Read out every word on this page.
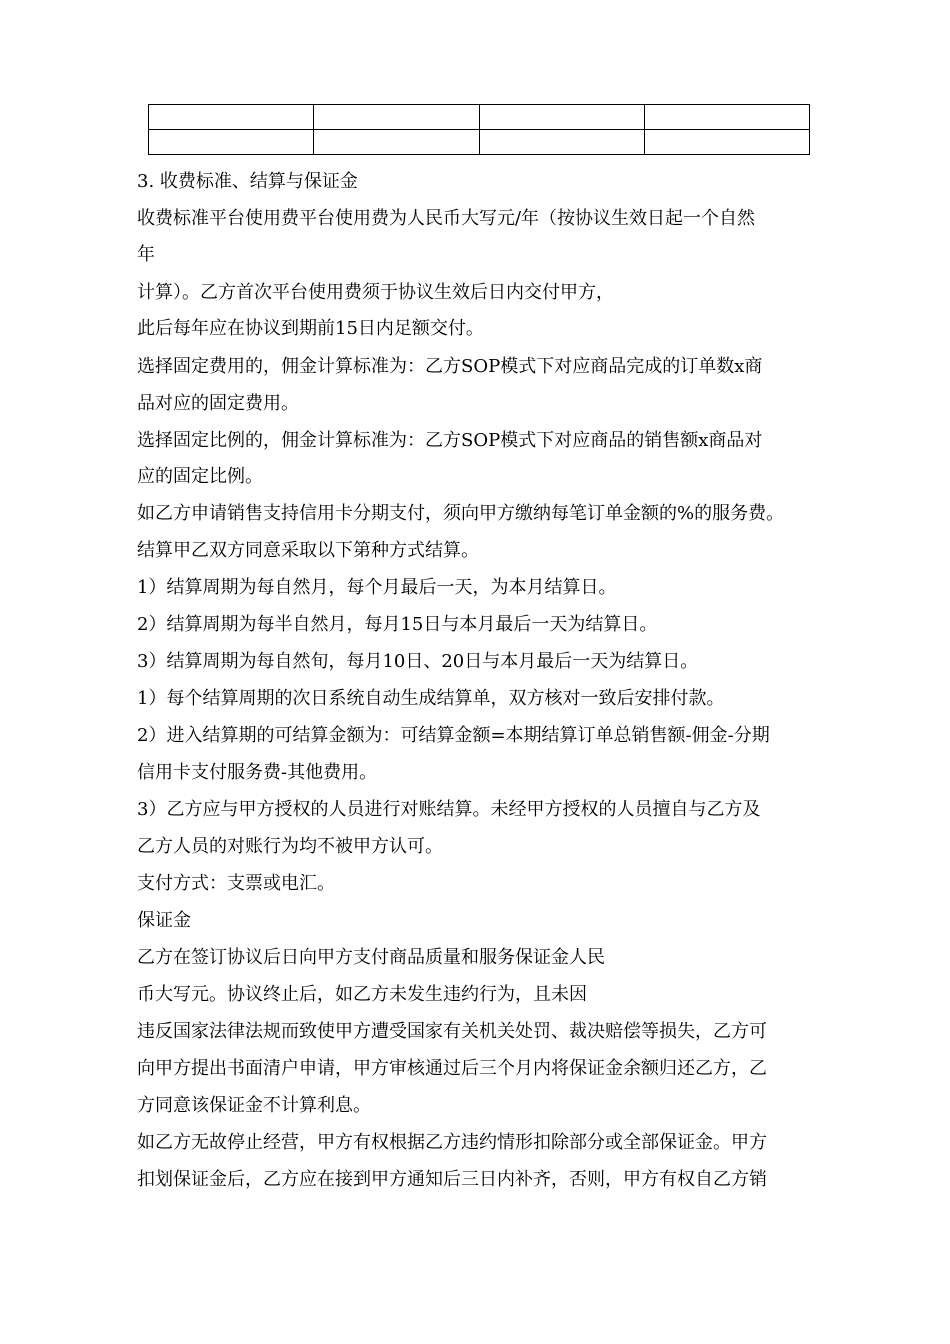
3. 收费标准、结算与保证金
收费标准平台使用费平台使用费为人民币大写元/年（按协议生效日起一个自然
年
计算）。乙方首次平台使用费须于协议生效后日内交付甲方，
此后每年应在协议到期前15日内足额交付。
选择固定费用的，佣金计算标准为：乙方SOP模式下对应商品完成的订单数x商
品对应的固定费用。
选择固定比例的，佣金计算标准为：乙方SOP模式下对应商品的销售额x商品对
应的固定比例。
如乙方申请销售支持信用卡分期支付，须向甲方缴纳每笔订单金额的%的服务费。
结算甲乙双方同意采取以下第种方式结算。
1）结算周期为每自然月，每个月最后一天，为本月结算日。
2）结算周期为每半自然月，每月15日与本月最后一天为结算日。
3）结算周期为每自然旬，每月10日、20日与本月最后一天为结算日。
1）每个结算周期的次日系统自动生成结算单，双方核对一致后安排付款。
2）进入结算期的可结算金额为：可结算金额=本期结算订单总销售额-佣金-分期
信用卡支付服务费-其他费用。
3）乙方应与甲方授权的人员进行对账结算。未经甲方授权的人员擅自与乙方及
乙方人员的对账行为均不被甲方认可。
支付方式：支票或电汇。
保证金
乙方在签订协议后日向甲方支付商品质量和服务保证金人民
币大写元。协议终止后，如乙方未发生违约行为，且未因
违反国家法律法规而致使甲方遭受国家有关机关处罚、裁决赔偿等损失，乙方可
向甲方提出书面清户申请，甲方审核通过后三个月内将保证金余额归还乙方，乙
方同意该保证金不计算利息。
如乙方无故停止经营，甲方有权根据乙方违约情形扣除部分或全部保证金。甲方
扣划保证金后，乙方应在接到甲方通知后三日内补齐，否则，甲方有权自乙方销
